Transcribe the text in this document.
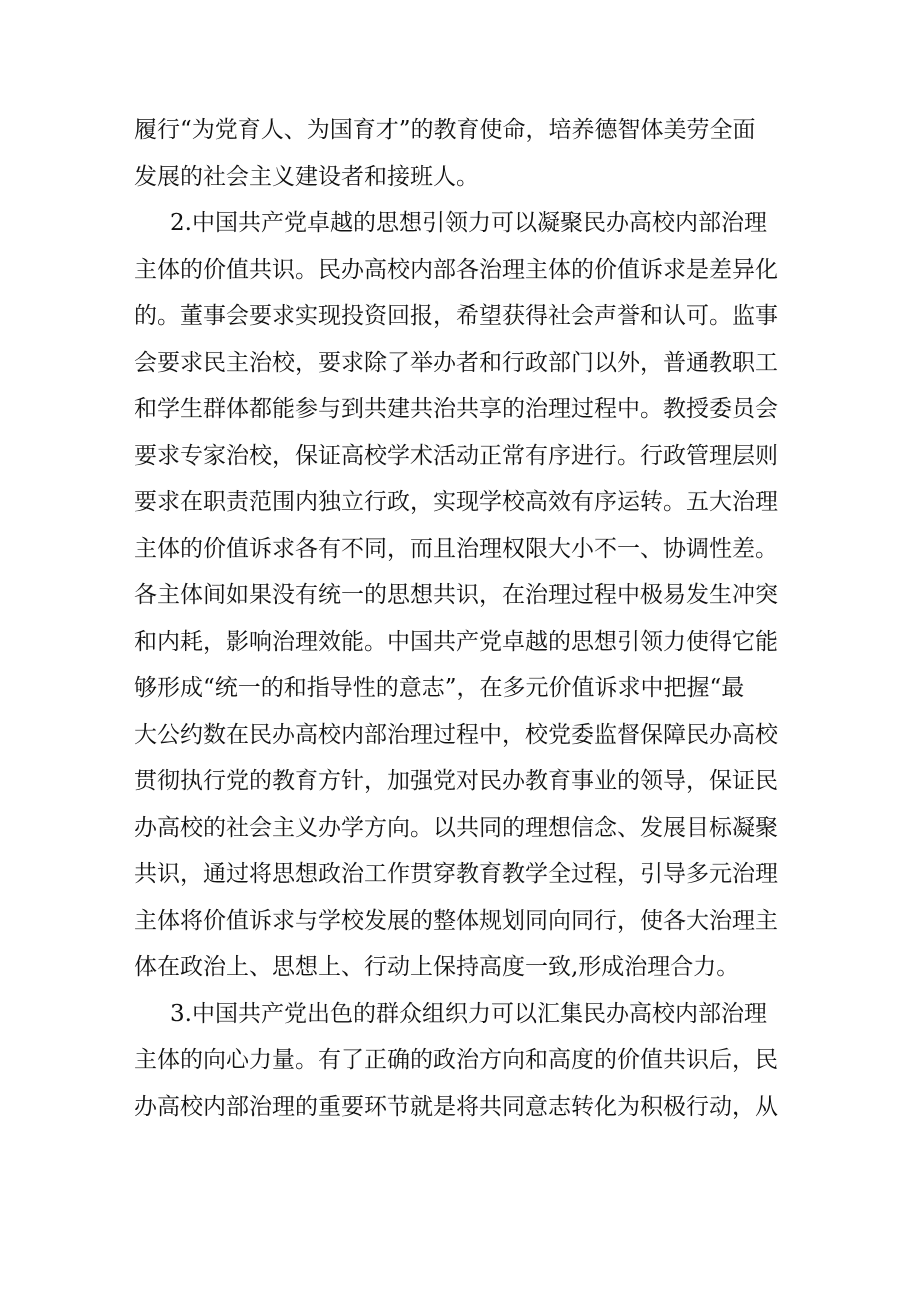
履行“为党育人、为国育才”的教育使命，培养德智体美劳全面
发展的社会主义建设者和接班人。
2.中国共产党卓越的思想引领力可以凝聚民办高校内部治理
主体的价值共识。民办高校内部各治理主体的价值诉求是差异化
的。董事会要求实现投资回报，希望获得社会声誉和认可。监事
会要求民主治校，要求除了举办者和行政部门以外，普通教职工
和学生群体都能参与到共建共治共享的治理过程中。教授委员会
要求专家治校，保证高校学术活动正常有序进行。行政管理层则
要求在职责范围内独立行政，实现学校高效有序运转。五大治理
主体的价值诉求各有不同，而且治理权限大小不一、协调性差。
各主体间如果没有统一的思想共识，在治理过程中极易发生冲突
和内耗，影响治理效能。中国共产党卓越的思想引领力使得它能
够形成“统一的和指导性的意志”，在多元价值诉求中把握“最
大公约数在民办高校内部治理过程中，校党委监督保障民办高校
贯彻执行党的教育方针，加强党对民办教育事业的领导，保证民
办高校的社会主义办学方向。以共同的理想信念、发展目标凝聚
共识，通过将思想政治工作贯穿教育教学全过程，引导多元治理
主体将价值诉求与学校发展的整体规划同向同行，使各大治理主
体在政治上、思想上、行动上保持高度一致,形成治理合力。
3.中国共产党出色的群众组织力可以汇集民办高校内部治理
主体的向心力量。有了正确的政治方向和高度的价值共识后，民
办高校内部治理的重要环节就是将共同意志转化为积极行动，从
